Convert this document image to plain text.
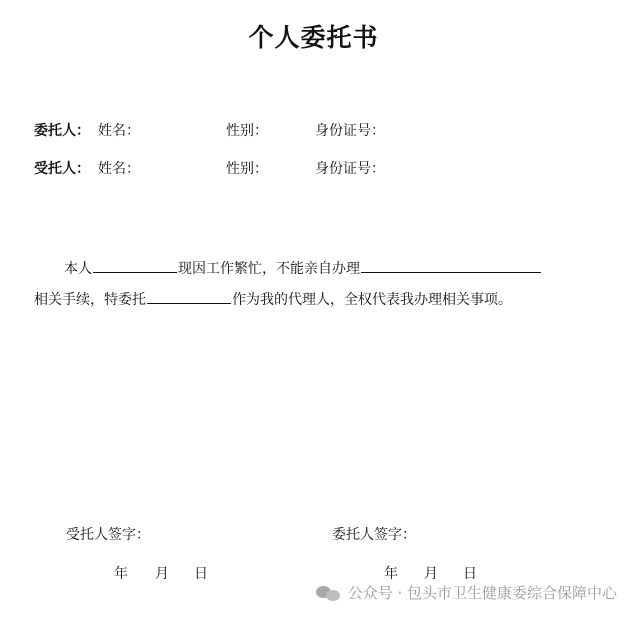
个人委托书
委托人： 姓名：	性别：	身份证号：
受托人： 姓名：	性别：	身份证号：
本人	现因工作繁忙，不能亲自办理
相关手续，特委托	作为我的代理人，全权代表我办理相关事项。
受托人签字：	委托人签字：
年 月 日	年 月 日
公众号 · 包头市卫生健康委综合保障中心
